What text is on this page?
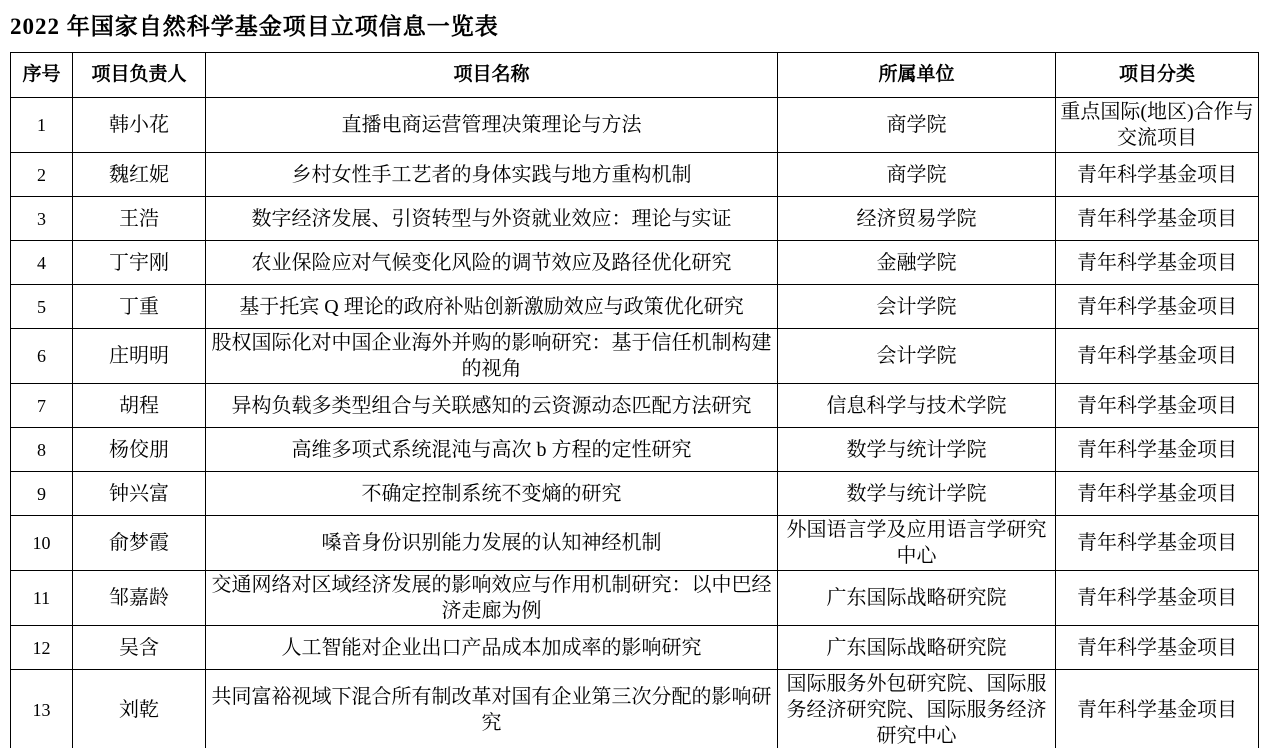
2022 年国家自然科学基金项目立项信息一览表
序号	项目负责人	项目名称	所属单位	项目分类
1	韩小花	直播电商运营管理决策理论与方法	商学院	重点国际(地区)合作与交流项目
2	魏红妮	乡村女性手工艺者的身体实践与地方重构机制	商学院	青年科学基金项目
3	王浩	数字经济发展、引资转型与外资就业效应：理论与实证	经济贸易学院	青年科学基金项目
4	丁宇刚	农业保险应对气候变化风险的调节效应及路径优化研究	金融学院	青年科学基金项目
5	丁重	基于托宾 Q 理论的政府补贴创新激励效应与政策优化研究	会计学院	青年科学基金项目
6	庄明明	股权国际化对中国企业海外并购的影响研究：基于信任机制构建的视角	会计学院	青年科学基金项目
7	胡程	异构负载多类型组合与关联感知的云资源动态匹配方法研究	信息科学与技术学院	青年科学基金项目
8	杨佼朋	高维多项式系统混沌与高次 b 方程的定性研究	数学与统计学院	青年科学基金项目
9	钟兴富	不确定控制系统不变熵的研究	数学与统计学院	青年科学基金项目
10	俞梦霞	嗓音身份识别能力发展的认知神经机制	外国语言学及应用语言学研究中心	青年科学基金项目
11	邹嘉龄	交通网络对区域经济发展的影响效应与作用机制研究：以中巴经济走廊为例	广东国际战略研究院	青年科学基金项目
12	吴含	人工智能对企业出口产品成本加成率的影响研究	广东国际战略研究院	青年科学基金项目
13	刘乾	共同富裕视域下混合所有制改革对国有企业第三次分配的影响研究	国际服务外包研究院、国际服务经济研究院、国际服务经济研究中心	青年科学基金项目
